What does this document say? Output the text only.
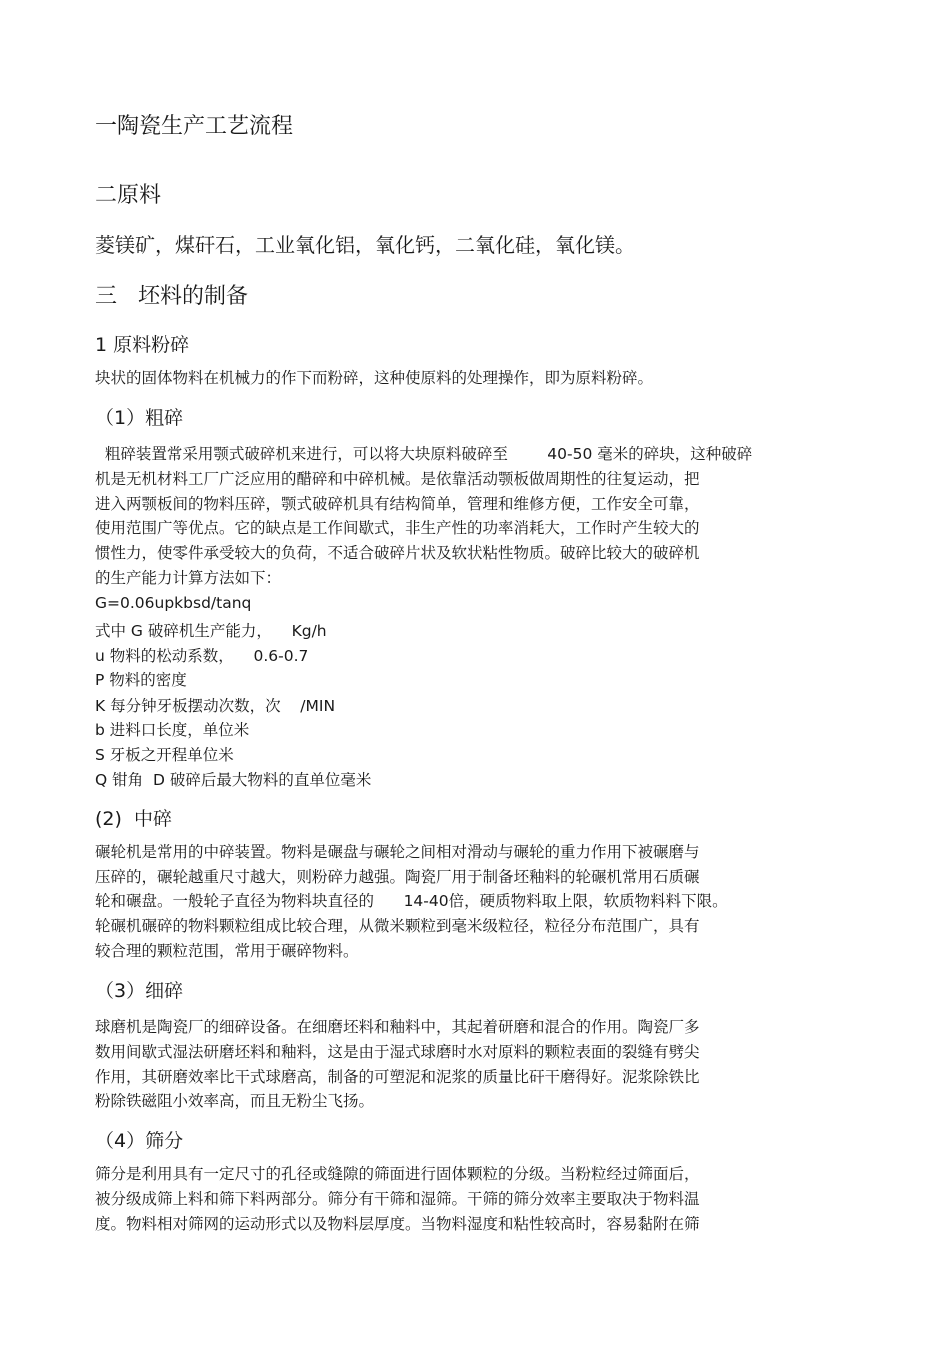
一陶瓷生产工艺流程
二原料
菱镁矿，煤矸石，工业氧化铝，氧化钙，二氧化硅，氧化镁。
三   坯料的制备
1 原料粉碎
块状的固体物料在机械力的作下而粉碎，这种使原料的处理操作，即为原料粉碎。
（1）粗碎
粗碎装置常采用颚式破碎机来进行，可以将大块原料破碎至        40-50 毫米的碎块，这种破碎
机是无机材料工厂广泛应用的醋碎和中碎机械。是依靠活动颚板做周期性的往复运动，把
进入两颚板间的物料压碎，颚式破碎机具有结构简单，管理和维修方便，工作安全可靠，
使用范围广等优点。它的缺点是工作间歇式，非生产性的功率消耗大，工作时产生较大的
惯性力，使零件承受较大的负荷，不适合破碎片状及软状粘性物质。破碎比较大的破碎机
的生产能力计算方法如下：
G=0.06upkbsd/tanq
式中 G 破碎机生产能力，    Kg/h
u 物料的松动系数，    0.6-0.7
P 物料的密度
K 每分钟牙板摆动次数，次    /MIN
b 进料口长度，单位米
S 牙板之开程单位米
Q 钳角  D 破碎后最大物料的直单位毫米
(2)  中碎
碾轮机是常用的中碎装置。物料是碾盘与碾轮之间相对滑动与碾轮的重力作用下被碾磨与
压碎的，碾轮越重尺寸越大，则粉碎力越强。陶瓷厂用于制备坯釉料的轮碾机常用石质碾
轮和碾盘。一般轮子直径为物料块直径的      14-40倍，硬质物料取上限，软质物料料下限。
轮碾机碾碎的物料颗粒组成比较合理，从微米颗粒到毫米级粒径，粒径分布范围广，具有
较合理的颗粒范围，常用于碾碎物料。
（3）细碎
球磨机是陶瓷厂的细碎设备。在细磨坯料和釉料中，其起着研磨和混合的作用。陶瓷厂多
数用间歇式湿法研磨坯料和釉料，这是由于湿式球磨时水对原料的颗粒表面的裂缝有劈尖
作用，其研磨效率比干式球磨高，制备的可塑泥和泥浆的质量比矸干磨得好。泥浆除铁比
粉除铁磁阻小效率高，而且无粉尘飞扬。
（4）筛分
筛分是利用具有一定尺寸的孔径或缝隙的筛面进行固体颗粒的分级。当粉粒经过筛面后，
被分级成筛上料和筛下料两部分。筛分有干筛和湿筛。干筛的筛分效率主要取决于物料温
度。物料相对筛网的运动形式以及物料层厚度。当物料湿度和粘性较高时，容易黏附在筛
